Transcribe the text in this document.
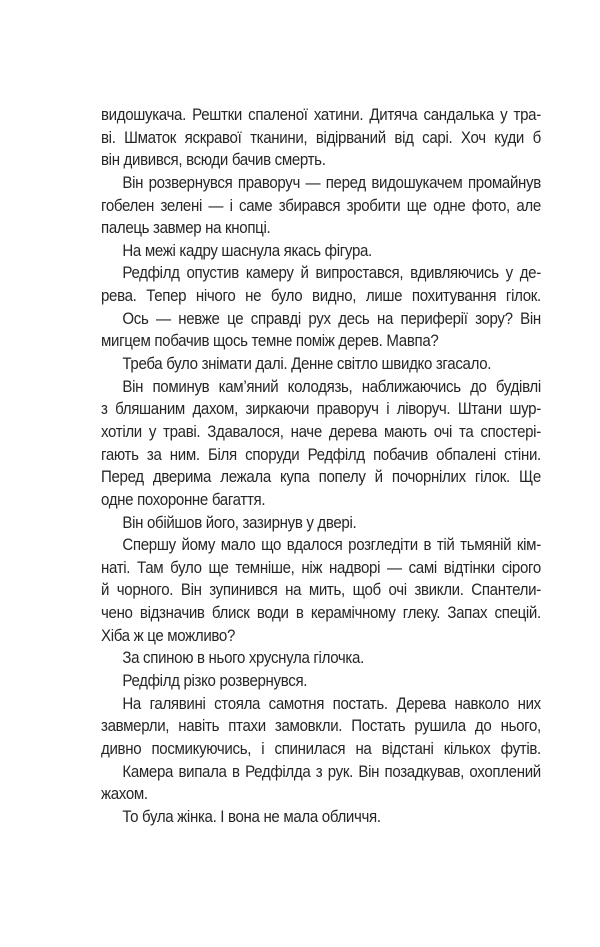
видошукача. Рештки спаленої хатини. Дитяча сандалька у тра-
ві. Шматок яскравої тканини, відірваний від сарі. Хоч куди б
він дивився, всюди бачив смерть.
Він розвернувся праворуч — перед видошукачем промайнув
гобелен зелені — і саме збирався зробити ще одне фото, але
палець завмер на кнопці.
На межі кадру шаснула якась фігура.
Редфілд опустив камеру й випростався, вдивляючись у де-
рева. Тепер нічого не було видно, лише похитування гілок.
Ось — невже це справді рух десь на периферії зору? Він
мигцем побачив щось темне поміж дерев. Мавпа?
Треба було знімати далі. Денне світло швидко згасало.
Він поминув кам’яний колодязь, наближаючись до будівлі
з бляшаним дахом, зиркаючи праворуч і ліворуч. Штани шур-
хотіли у траві. Здавалося, наче дерева мають очі та спостері-
гають за ним. Біля споруди Редфілд побачив обпалені стіни.
Перед дверима лежала купа попелу й почорнілих гілок. Ще
одне похоронне багаття.
Він обійшов його, зазирнув у двері.
Спершу йому мало що вдалося розгледіти в тій тьмяній кім-
наті. Там було ще темніше, ніж надворі — самі відтінки сірого
й чорного. Він зупинився на мить, щоб очі звикли. Спантели-
чено відзначив блиск води в керамічному глеку. Запах спецій.
Хіба ж це можливо?
За спиною в нього хруснула гілочка.
Редфілд різко розвернувся.
На галявині стояла самотня постать. Дерева навколо них
завмерли, навіть птахи замовкли. Постать рушила до нього,
дивно посмикуючись, і спинилася на відстані кількох футів.
Камера випала в Редфілда з рук. Він позадкував, охоплений
жахом.
То була жінка. І вона не мала обличчя.
